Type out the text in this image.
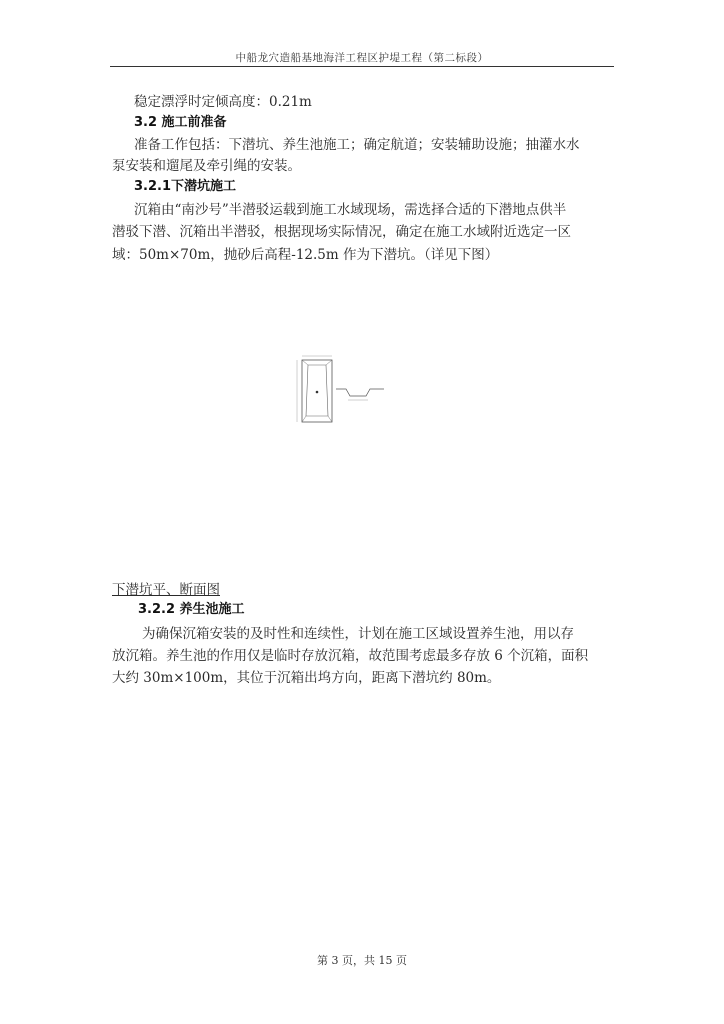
中船龙穴造船基地海洋工程区护堤工程（第二标段）
稳定漂浮时定倾高度：0.21m
3.2 施工前准备
准备工作包括：下潜坑、养生池施工；确定航道；安装辅助设施；抽灌水水
泵安装和遛尾及牵引绳的安装。
3.2.1下潜坑施工
沉箱由“南沙号”半潜驳运载到施工水域现场，需选择合适的下潜地点供半
潜驳下潜、沉箱出半潜驳，根据现场实际情况，确定在施工水域附近选定一区
域：50m×70m，抛砂后高程-12.5m 作为下潜坑。（详见下图）
下潜坑平、断面图
3.2.2 养生池施工
为确保沉箱安装的及时性和连续性，计划在施工区域设置养生池，用以存
放沉箱。养生池的作用仅是临时存放沉箱，故范围考虑最多存放 6 个沉箱，面积
大约 30m×100m，其位于沉箱出坞方向，距离下潜坑约 80m。
第 3 页，共 15 页
